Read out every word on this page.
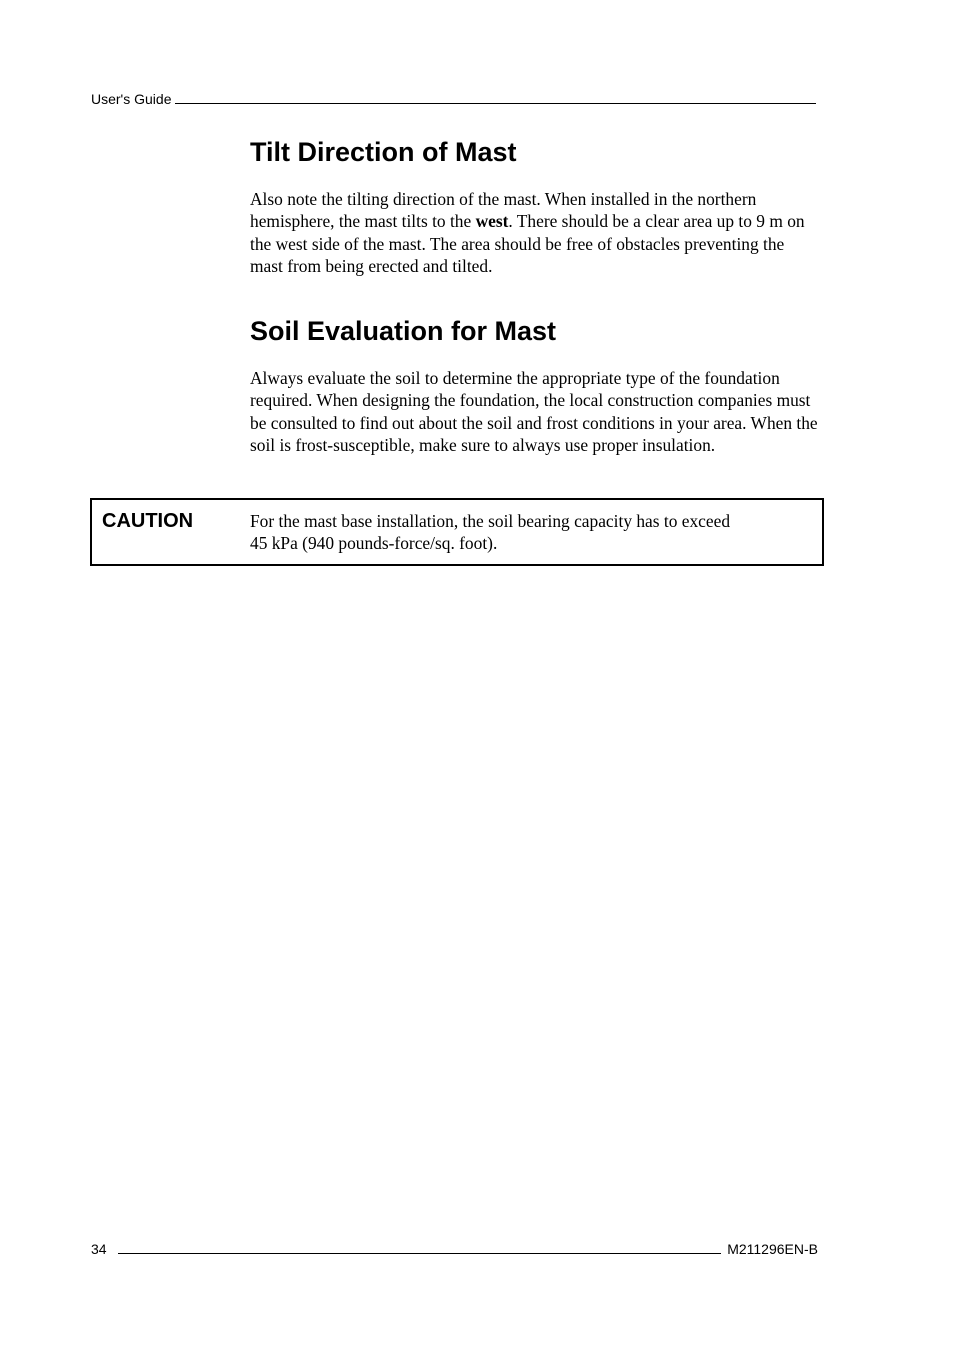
User's Guide
Tilt Direction of Mast

Also note the tilting direction of the mast. When installed in the northern hemisphere, the mast tilts to the west. There should be a clear area up to 9 m on the west side of the mast. The area should be free of obstacles preventing the mast from being erected and tilted.

Soil Evaluation for Mast

Always evaluate the soil to determine the appropriate type of the foundation required. When designing the foundation, the local construction companies must be consulted to find out about the soil and frost conditions in your area. When the soil is frost-susceptible, make sure to always use proper insulation.

CAUTION	For the mast base installation, the soil bearing capacity has to exceed
45 kPa (940 pounds-force/sq. foot).
34	M211296EN-B
